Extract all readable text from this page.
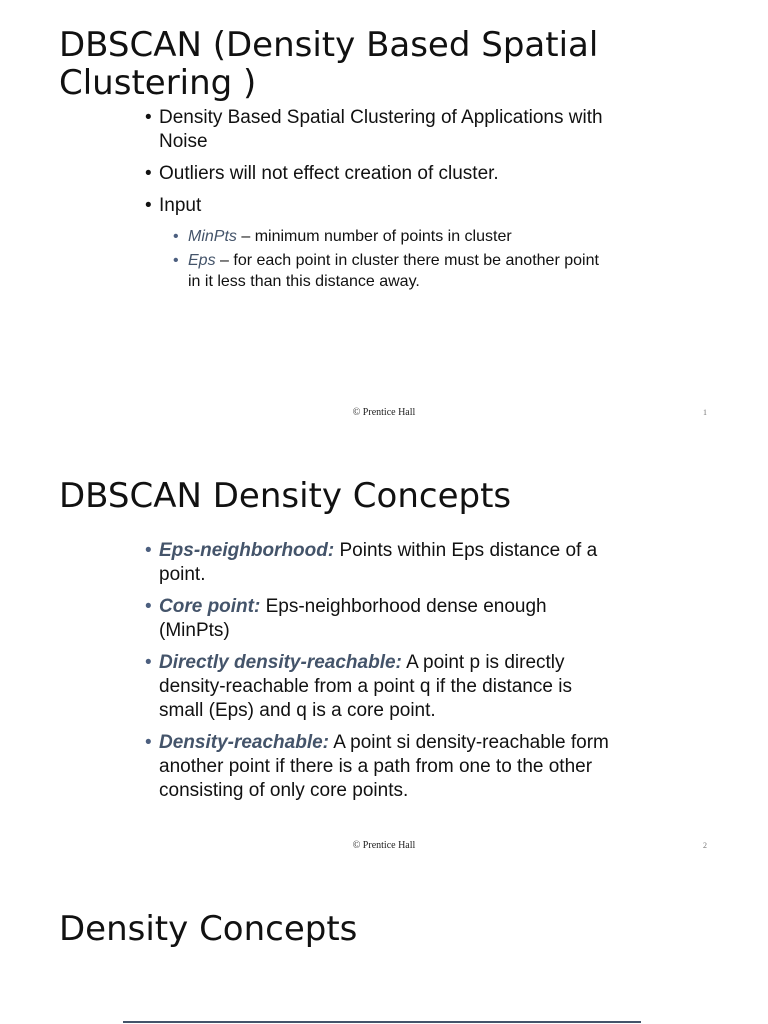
DBSCAN (Density Based Spatial Clustering )
• Density Based Spatial Clustering of Applications with Noise
• Outliers will not effect creation of cluster.
• Input
• MinPts – minimum number of points in cluster
• Eps – for each point in cluster there must be another point in it less than this distance away.
© Prentice Hall	1
DBSCAN Density Concepts
• Eps-neighborhood: Points within Eps distance of a point.
• Core point: Eps-neighborhood dense enough (MinPts)
• Directly density-reachable: A point p is directly density-reachable from a point q if the distance is small (Eps) and q is a core point.
• Density-reachable: A point si density-reachable form another point if there is a path from one to the other consisting of only core points.
© Prentice Hall	2
Density Concepts
